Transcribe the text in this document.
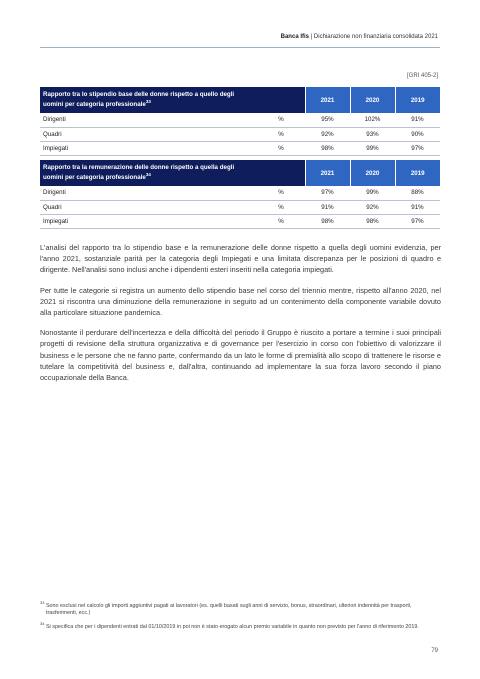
Banca Ifis | Dichiarazione non finanziaria consolidata 2021
[GRI 405-2]
Rapporto tra lo stipendio base delle donne rispetto a quello degli uomini per categoria professionale$^{33}$		2021	2020	2019
Dirigenti	%	95%	102%	91%
Quadri	%	92%	93%	90%
Impiegati	%	98%	99%	97%
Rapporto tra la remunerazione delle donne rispetto a quella degli uomini per categoria professionale$^{34}$		2021	2020	2019
Dirigenti	%	97%	99%	88%
Quadri	%	91%	92%	91%
Impiegati	%	98%	98%	97%

L'analisi del rapporto tra lo stipendio base e la remunerazione delle donne rispetto a quella degli uomini evidenzia, per l'anno 2021, sostanziale parità per la categoria degli Impiegati e una limitata discrepanza per le posizioni di quadro e dirigente. Nell'analisi sono inclusi anche i dipendenti esteri inseriti nella categoria impiegati.

Per tutte le categorie si registra un aumento dello stipendio base nel corso del triennio mentre, rispetto all'anno 2020, nel 2021 si riscontra una diminuzione della remunerazione in seguito ad un contenimento della componente variabile dovuto alla particolare situazione pandemica.

Nonostante il perdurare dell'incertezza e della difficoltà del periodo il Gruppo è riuscito a portare a termine i suoi principali progetti di revisione della struttura organizzativa e di governance per l'esercizio in corso con l'obiettivo di valorizzare il business e le persone che ne fanno parte, confermando da un lato le forme di premialità allo scopo di trattenere le risorse e tutelare la competitività del business e, dall'altra, continuando ad implementare la sua forza lavoro secondo il piano occupazionale della Banca.

$^{33}$ Sono esclusi nel calcolo gli importi aggiuntivi pagati ai lavoratori (es. quelli basati sugli anni di servizio, bonus, straordinari, ulteriori indennità per trasporti, trasferimenti, ecc.)
$^{34}$ Si specifica che per i dipendenti entrati dal 01/10/2019 in poi non è stato erogato alcun premio variabile in quanto non previsto per l'anno di riferimento 2019.
79
